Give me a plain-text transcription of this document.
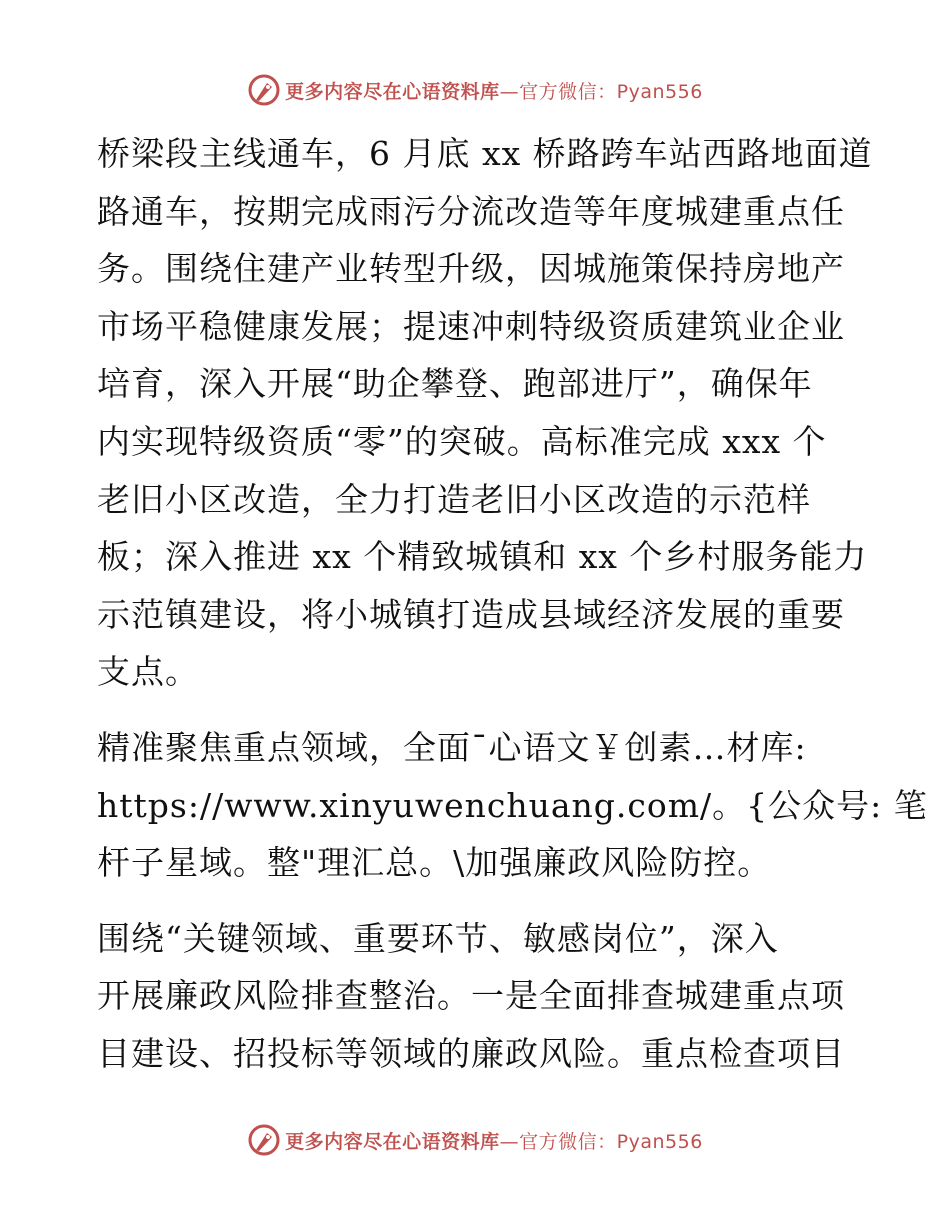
更多内容尽在心语资料库—官方微信：Pyan556

桥梁段主线通车，6 月底 xx 桥路跨车站西路地面道
路通车，按期完成雨污分流改造等年度城建重点任
务。围绕住建产业转型升级，因城施策保持房地产
市场平稳健康发展；提速冲刺特级资质建筑业企业
培育，深入开展“助企攀登、跑部进厅”，确保年
内实现特级资质“零”的突破。高标准完成 xxx 个
老旧小区改造，全力打造老旧小区改造的示范样
板；深入推进 xx 个精致城镇和 xx 个乡村服务能力
示范镇建设，将小城镇打造成县域经济发展的重要
支点。

精准聚焦重点领域，全面¯心语文￥创素…材库:
https://www.xinyuwenchuang.com/。{公众号: 笔
杆子星域。整"理汇总。\加强廉政风险防控。

围绕“关键领域、重要环节、敏感岗位”，深入
开展廉政风险排查整治。一是全面排查城建重点项
目建设、招投标等领域的廉政风险。重点检查项目

更多内容尽在心语资料库—官方微信：Pyan556
